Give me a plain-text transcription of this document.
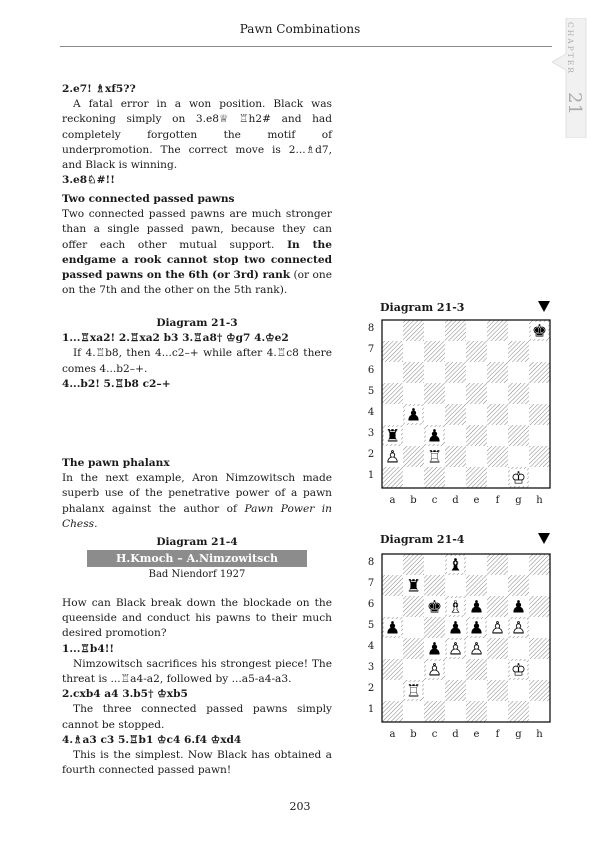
Pawn Combinations	CHAPTER
21

2.e7! ♗xf5??

A fatal error in a won position. Black was reckoning simply on 3.e8♕ ♖h2# and had completely forgotten the motif of underpromotion. The correct move is 2...♗d7, and Black is winning.

3.e8♘#!!

Two connected passed pawns

Two connected passed pawns are much stronger than a single passed pawn, because they can offer each other mutual support. In the endgame a rook cannot stop two connected passed pawns on the 6th (or 3rd) rank (or one on the 7th and the other on the 5th rank).

Diagram 21-3

1...♖xa2! 2.♖xa2 b3 3.♖a8† ♔g7 4.♔e2

If 4.♖b8, then 4...c2–+ while after 4.♖c8 there comes 4...b2–+.

4...b2! 5.♖b8 c2–+

The pawn phalanx

In the next example, Aron Nimzowitsch made superb use of the penetrative power of a pawn phalanx against the author of Pawn Power in Chess.

Diagram 21-4

H.Kmoch – A.Nimzowitsch

Bad Niendorf 1927

How can Black break down the blockade on the queenside and conduct his pawns to their much desired promotion?

1...♖b4!!

Nimzowitsch sacrifices his strongest piece! The threat is ...♖a4-a2, followed by ...a5-a4-a3.

2.cxb4 a4 3.b5† ♔xb5

The three connected passed pawns simply cannot be stopped.

4.♗a3 c3 5.♖b1 ♔c4 6.f4 ♔xd4

This is the simplest. Now Black has obtained a fourth connected passed pawn!

Diagram 21-3
♚
♟
♜ ♟
♙ ♖
♔
8
7
6
5
4
3
2
1
a	b	c	d	e	f	g	h
Diagram 21-4
♝
♜
♚ ♗ ♟ ♟
♟	♟ ♟ ♙ ♙
♟ ♙ ♙
♙	♔
♖
8
7
6
5
4
3
2
1
a	b	c	d	e	f	g	h
203
